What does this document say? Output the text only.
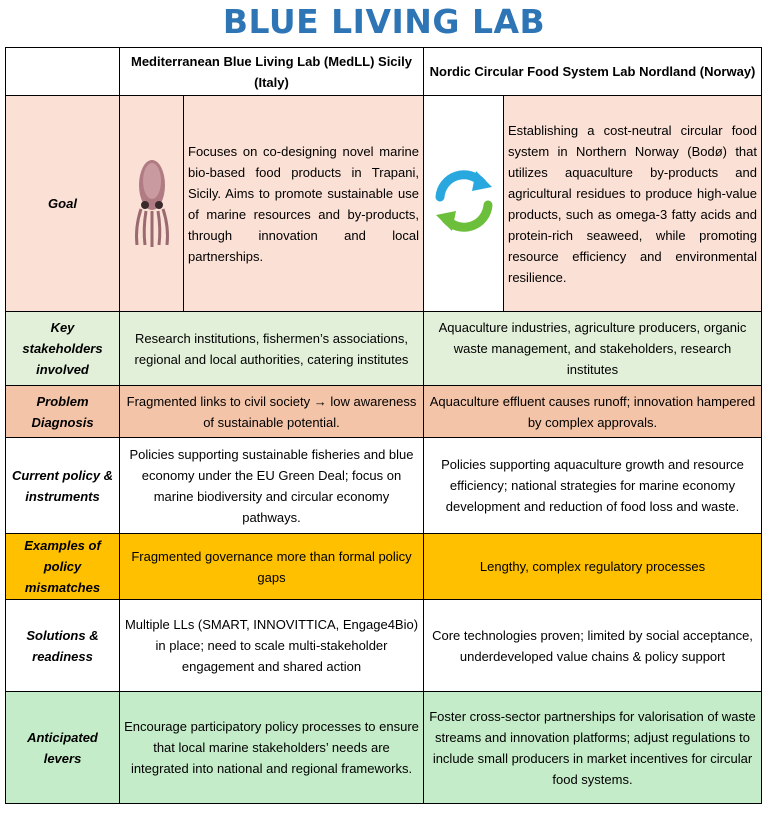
BLUE LIVING LAB
	Mediterranean Blue Living Lab (MedLL) Sicily (Italy)		Nordic Circular Food System Lab Nordland (Norway)	
Goal		Focuses on co-designing novel marine bio-based food products in Trapani, Sicily. Aims to promote sustainable use of marine resources and by-products, through innovation and local partnerships.		Establishing a cost-neutral circular food system in Northern Norway (Bodø) that utilizes aquaculture by-products and agricultural residues to produce high-value products, such as omega-3 fatty acids and protein-rich seaweed, while promoting resource efficiency and environmental resilience.
Key stakeholders involved	Research institutions, fishermen’s associations, regional and local authorities, catering institutes		Aquaculture industries, agriculture producers, organic waste management, and stakeholders, research institutes	
Problem Diagnosis	Fragmented links to civil society → low awareness of sustainable potential.		Aquaculture effluent causes runoff; innovation hampered by complex approvals.	
Current policy & instruments	Policies supporting sustainable fisheries and blue economy under the EU Green Deal; focus on marine biodiversity and circular economy pathways.		Policies supporting aquaculture growth and resource efficiency; national strategies for marine economy development and reduction of food loss and waste.	
Examples of policy mismatches	Fragmented governance more than formal policy gaps		Lengthy, complex regulatory processes	
Solutions & readiness	Multiple LLs (SMART, INNOVITTICA, Engage4Bio) in place; need to scale multi-stakeholder engagement and shared action		Core technologies proven; limited by social acceptance, underdeveloped value chains & policy support	
Anticipated levers	Encourage participatory policy processes to ensure that local marine stakeholders’ needs are integrated into national and regional frameworks.		Foster cross-sector partnerships for valorisation of waste streams and innovation platforms; adjust regulations to include small producers in market incentives for circular food systems.	
